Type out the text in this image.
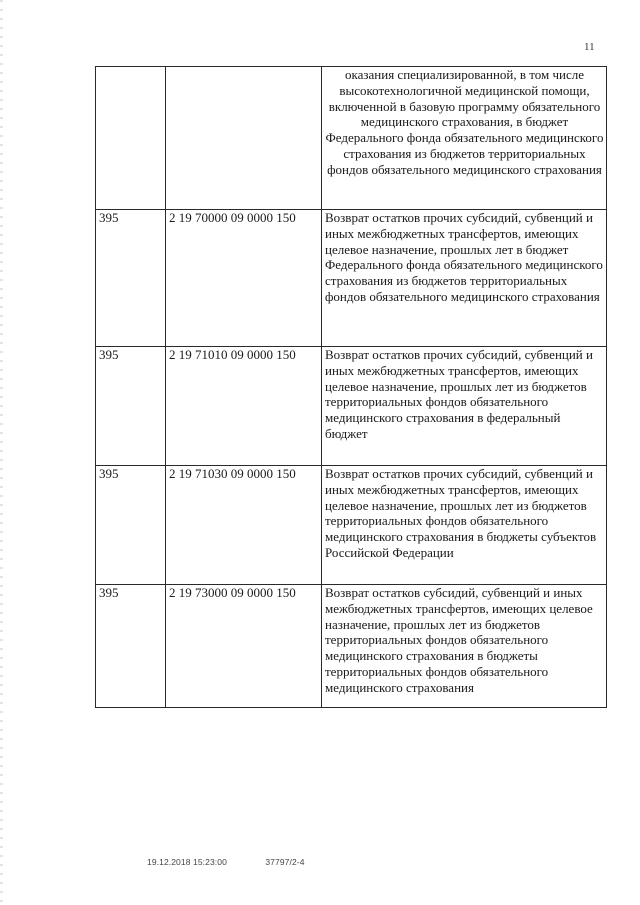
11
		оказания специализированной, в том числе высокотехнологичной медицинской помощи, включенной в базовую программу обязательного медицинского страхования, в бюджет Федерального фонда обязательного медицинского страхования из бюджетов территориальных фондов обязательного медицинского страхования
395	2 19 70000 09 0000 150	Возврат остатков прочих субсидий, субвенций и иных межбюджетных трансфертов, имеющих целевое назначение, прошлых лет в бюджет Федерального фонда обязательного медицинского страхования из бюджетов территориальных фондов обязательного медицинского страхования
395	2 19 71010 09 0000 150	Возврат остатков прочих субсидий, субвенций и иных межбюджетных трансфертов, имеющих целевое назначение, прошлых лет из бюджетов территориальных фондов обязательного медицинского страхования в федеральный бюджет
395	2 19 71030 09 0000 150	Возврат остатков прочих субсидий, субвенций и иных межбюджетных трансфертов, имеющих целевое назначение, прошлых лет из бюджетов территориальных фондов обязательного медицинского страхования в бюджеты субъектов Российской Федерации
395	2 19 73000 09 0000 150	Возврат остатков субсидий, субвенций и иных межбюджетных трансфертов, имеющих целевое назначение, прошлых лет из бюджетов территориальных фондов обязательного медицинского страхования в бюджеты территориальных фондов обязательного медицинского страхования
19.12.2018 15:23:00	37797/2-4
